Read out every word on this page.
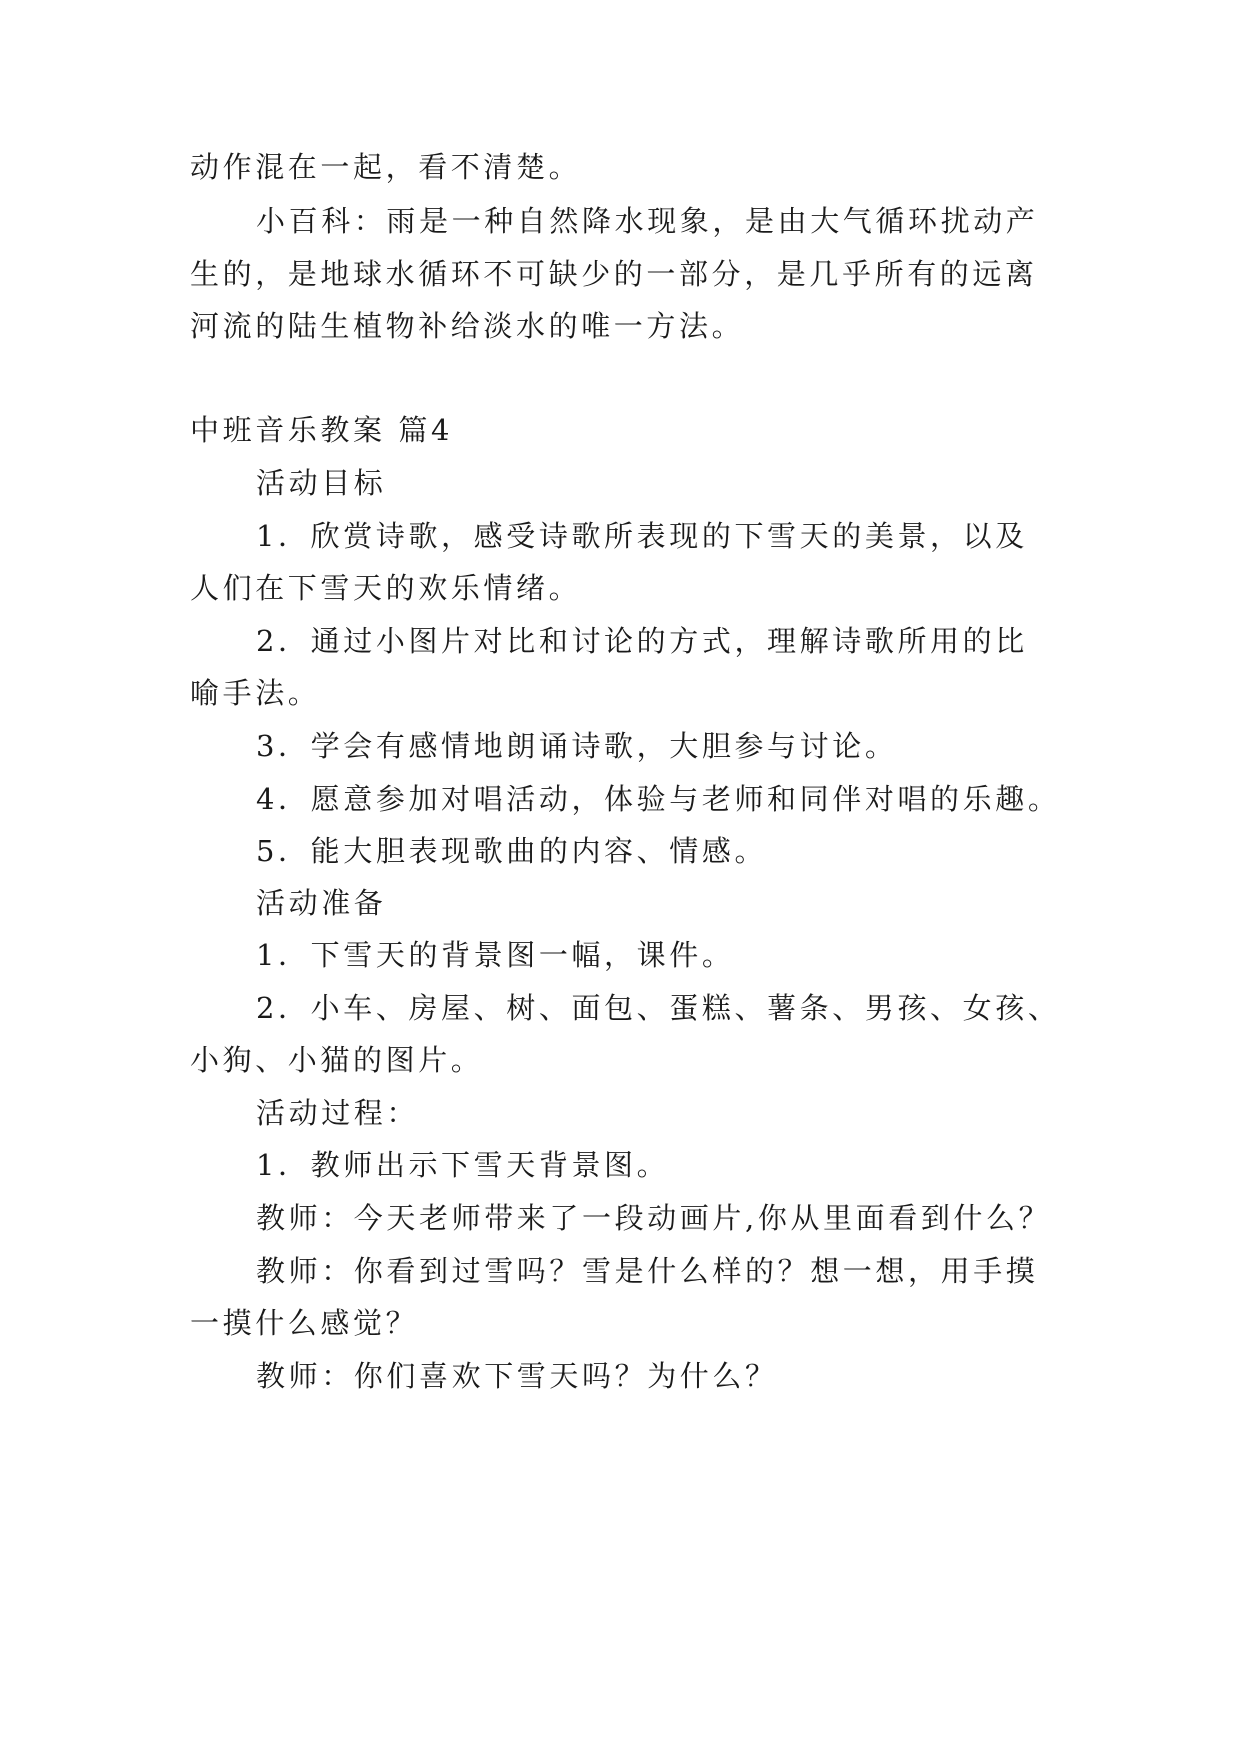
动作混在一起，看不清楚。
小百科：雨是一种自然降水现象，是由大气循环扰动产
生的，是地球水循环不可缺少的一部分，是几乎所有的远离
河流的陆生植物补给淡水的唯一方法。
中班音乐教案 篇4
活动目标
1．欣赏诗歌，感受诗歌所表现的下雪天的美景，以及
人们在下雪天的欢乐情绪。
2．通过小图片对比和讨论的方式，理解诗歌所用的比
喻手法。
3．学会有感情地朗诵诗歌，大胆参与讨论。
4．愿意参加对唱活动，体验与老师和同伴对唱的乐趣。
5．能大胆表现歌曲的内容、情感。
活动准备
1．下雪天的背景图一幅，课件。
2．小车、房屋、树、面包、蛋糕、薯条、男孩、女孩、
小狗、小猫的图片。
活动过程：
1．教师出示下雪天背景图。
教师：今天老师带来了一段动画片,你从里面看到什么？
教师：你看到过雪吗？雪是什么样的？想一想，用手摸
一摸什么感觉？
教师：你们喜欢下雪天吗？为什么？
